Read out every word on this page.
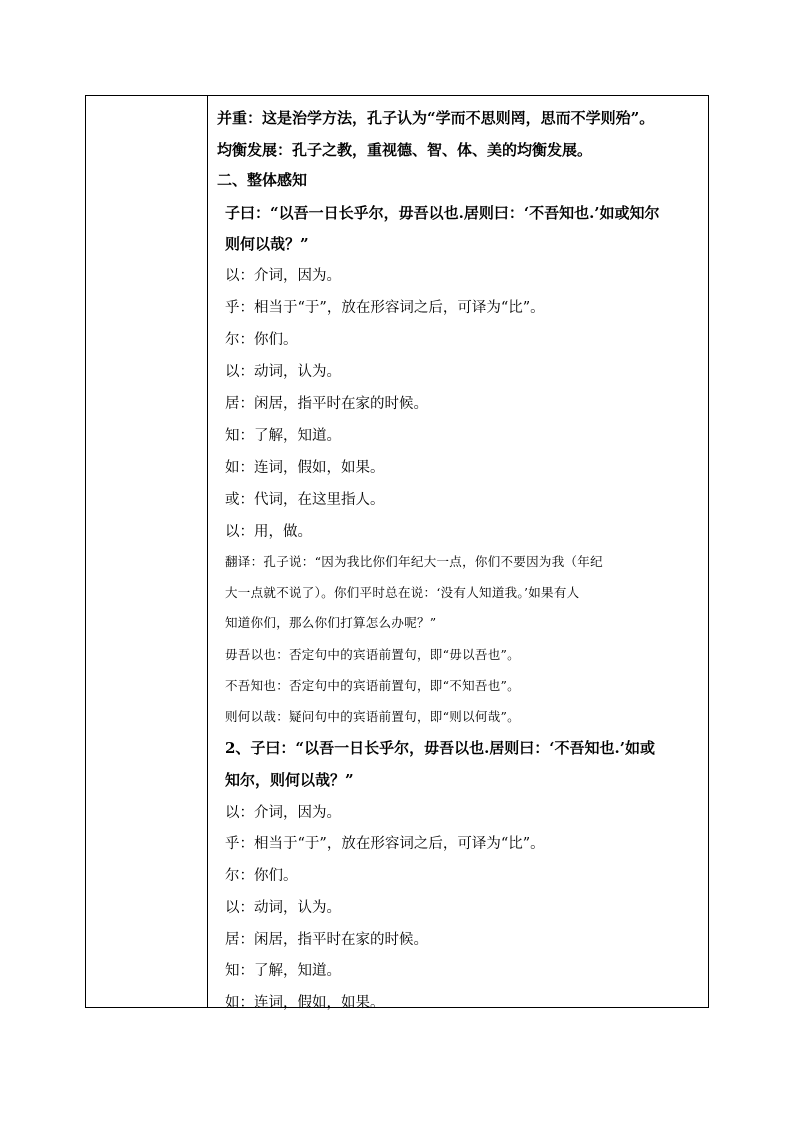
并重：这是治学方法，孔子认为“学而不思则罔，思而不学则殆”。
均衡发展：孔子之教，重视德、智、体、美的均衡发展。
二、整体感知
子曰：“以吾一日长乎尔，毋吾以也.居则曰：‘不吾知也.’如或知尔
则何以哉？”
以：介词，因为。
乎：相当于“于”，放在形容词之后，可译为“比”。
尔：你们。
以：动词，认为。
居：闲居，指平时在家的时候。
知：了解，知道。
如：连词，假如，如果。
或：代词，在这里指人。
以：用，做。
翻译：孔子说：“因为我比你们年纪大一点，你们不要因为我（年纪
大一点就不说了）。你们平时总在说：‘没有人知道我。’如果有人
知道你们，那么你们打算怎么办呢？”
毋吾以也：否定句中的宾语前置句，即“毋以吾也”。
不吾知也：否定句中的宾语前置句，即“不知吾也”。
则何以哉：疑问句中的宾语前置句，即“则以何哉”。
2、子曰：“以吾一日长乎尔，毋吾以也.居则曰：‘不吾知也.’如或
知尔，则何以哉？”
以：介词，因为。
乎：相当于“于”，放在形容词之后，可译为“比”。
尔：你们。
以：动词，认为。
居：闲居，指平时在家的时候。
知：了解，知道。
如：连词，假如，如果。
